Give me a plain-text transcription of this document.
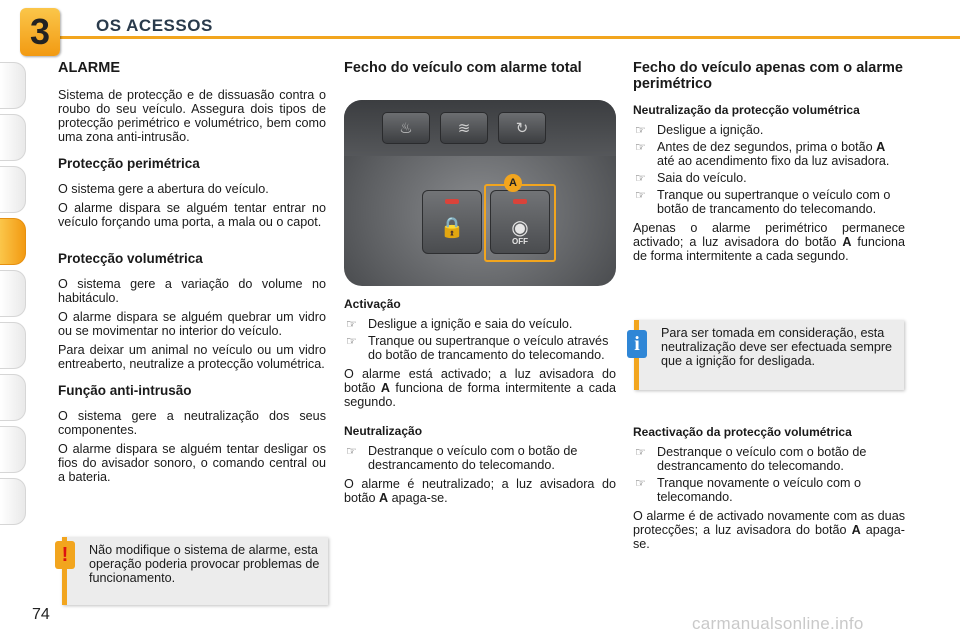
3	OS ACESSOS
ALARME

Sistema de protecção e de dissuasão contra o roubo do seu veículo. Assegura dois tipos de protecção perimétrico e volumétrico, bem como uma zona anti-intrusão.

Protecção perimétrica

O sistema gere a abertura do veículo.

O alarme dispara se alguém tentar entrar no veículo forçando uma porta, a mala ou o capot.

Protecção volumétrica

O sistema gere a variação do volume no habitáculo.

O alarme dispara se alguém quebrar um vidro ou se movimentar no interior do veículo.

Para deixar um animal no veículo ou um vidro entreaberto, neutralize a protecção volumétrica.

Função anti-intrusão

O sistema gere a neutralização dos seus componentes.

O alarme dispara se alguém tentar desligar os fios do avisador sonoro, o comando central ou a bateria.

!	Não modifique o sistema de alarme, esta operação poderia provocar problemas de funcionamento.
Fecho do veículo com alarme total
♨	≋	↻
🔒	◉
OFF
A
Activação
☞ Desligue a ignição e saia do veículo.
☞ Tranque ou supertranque o veículo através do botão de trancamento do telecomando.

O alarme está activado; a luz avisadora do botão A funciona de forma intermitente a cada segundo.

Neutralização
☞ Destranque o veículo com o botão de destrancamento do telecomando.

O alarme é neutralizado; a luz avisadora do botão A apaga-se.

Fecho do veículo apenas com o alarme perimétrico
Neutralização da protecção volumétrica
☞ Desligue a ignição.
☞ Antes de dez segundos, prima o botão A até ao acendimento fixo da luz avisadora.
☞ Saia do veículo.
☞ Tranque ou supertranque o veículo com o botão de trancamento do telecomando.

Apenas o alarme perimétrico permanece activado; a luz avisadora do botão A funciona de forma intermitente a cada segundo.

i	Para ser tomada em consideração, esta neutralização deve ser efectuada sempre que a ignição for desligada.
Reactivação da protecção volumétrica
☞ Destranque o veículo com o botão de destrancamento do telecomando.
☞ Tranque novamente o veículo com o telecomando.

O alarme é de activado novamente com as duas protecções; a luz avisadora do botão A apaga-se.

74	carmanualsonline.info
